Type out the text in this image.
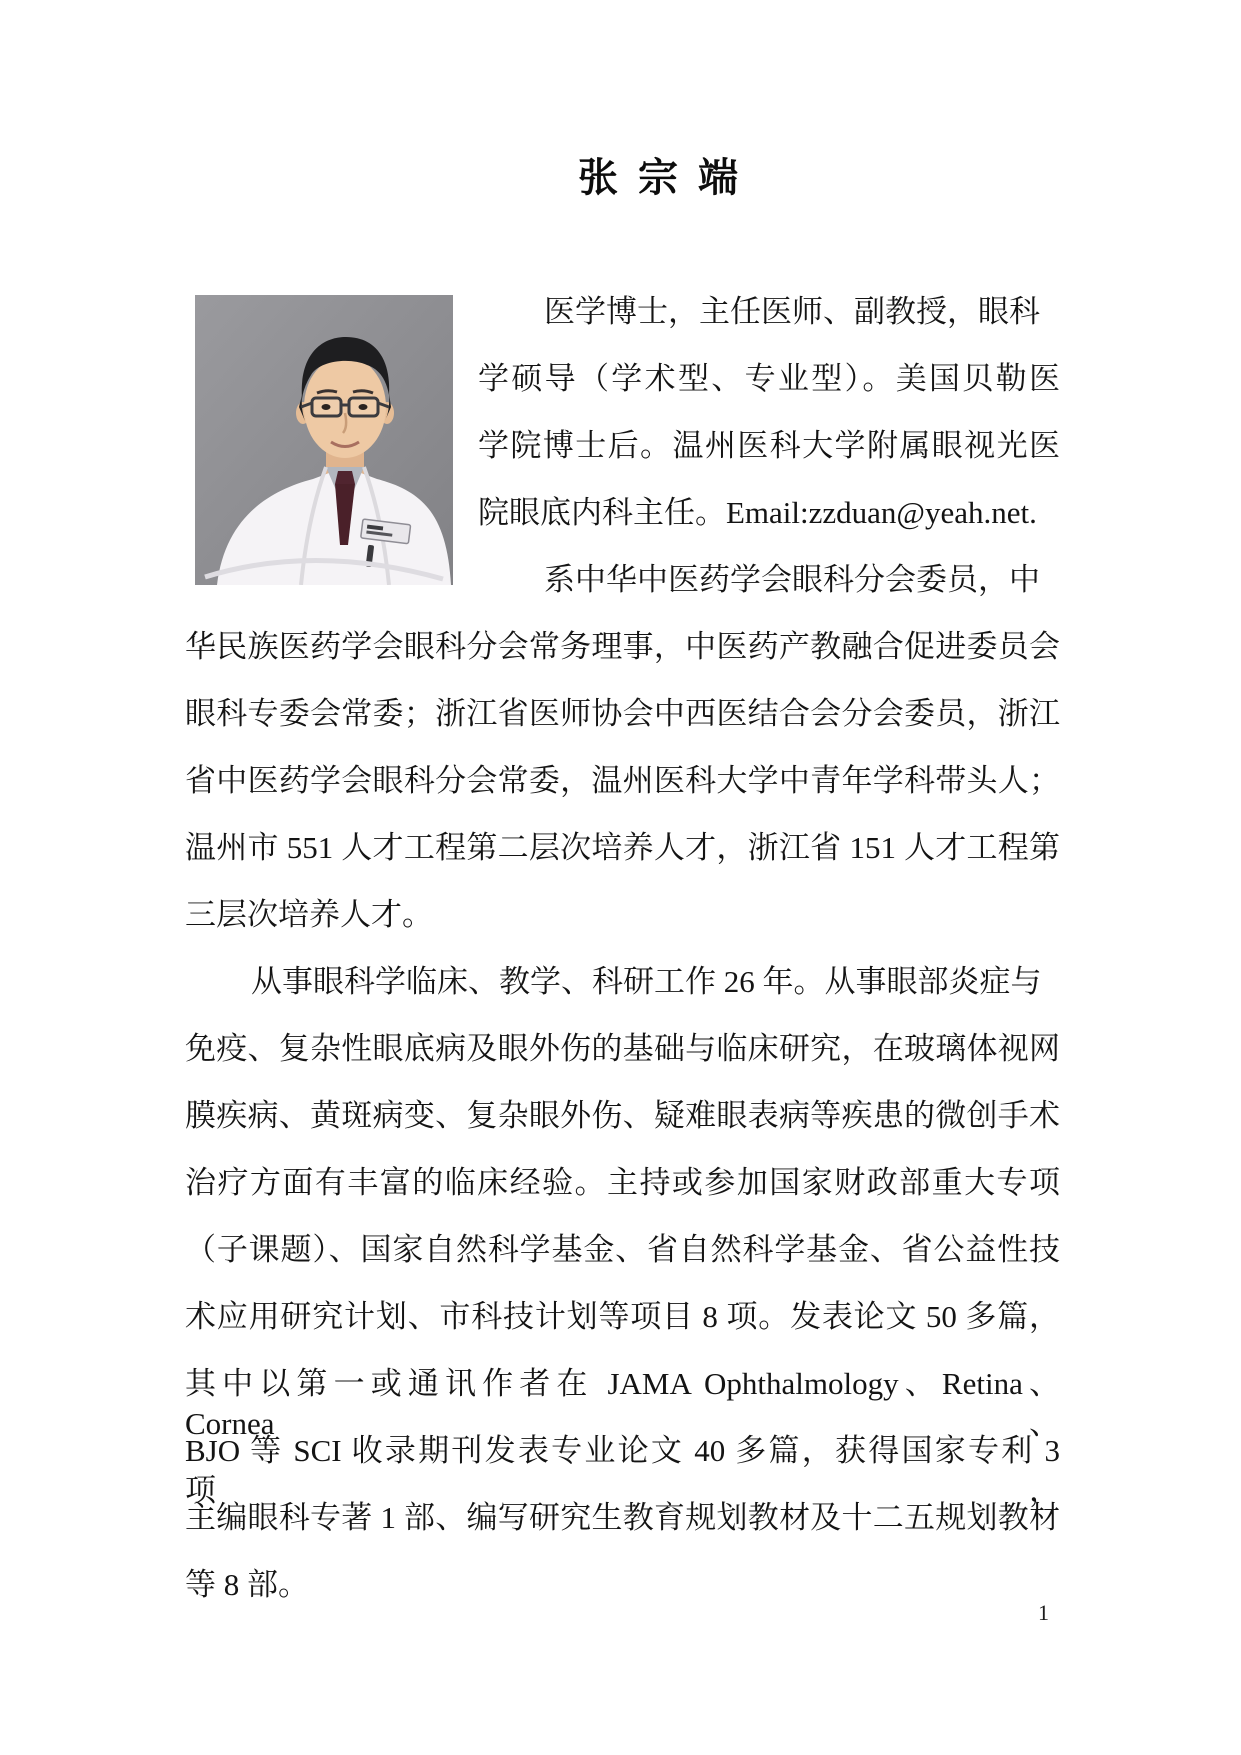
张 宗 端
医学博士，主任医师、副教授，眼科
学硕导（学术型、专业型）。美国贝勒医
学院博士后。温州医科大学附属眼视光医
院眼底内科主任。Email:zzduan@yeah.net.
系中华中医药学会眼科分会委员，中
华民族医药学会眼科分会常务理事，中医药产教融合促进委员会
眼科专委会常委；浙江省医师协会中西医结合会分会委员，浙江
省中医药学会眼科分会常委，温州医科大学中青年学科带头人；
温州市 551 人才工程第二层次培养人才，浙江省 151 人才工程第
三层次培养人才。
从事眼科学临床、教学、科研工作 26 年。从事眼部炎症与
免疫、复杂性眼底病及眼外伤的基础与临床研究，在玻璃体视网
膜疾病、黄斑病变、复杂眼外伤、疑难眼表病等疾患的微创手术
治疗方面有丰富的临床经验。主持或参加国家财政部重大专项
（子课题）、国家自然科学基金、省自然科学基金、省公益性技
术应用研究计划、市科技计划等项目 8 项。发表论文 50 多篇，
其中以第一或通讯作者在 JAMA Ophthalmology、Retina、Cornea、
BJO 等 SCI 收录期刊发表专业论文 40 多篇，获得国家专利 3 项，
主编眼科专著 1 部、编写研究生教育规划教材及十二五规划教材
等 8 部。
1
